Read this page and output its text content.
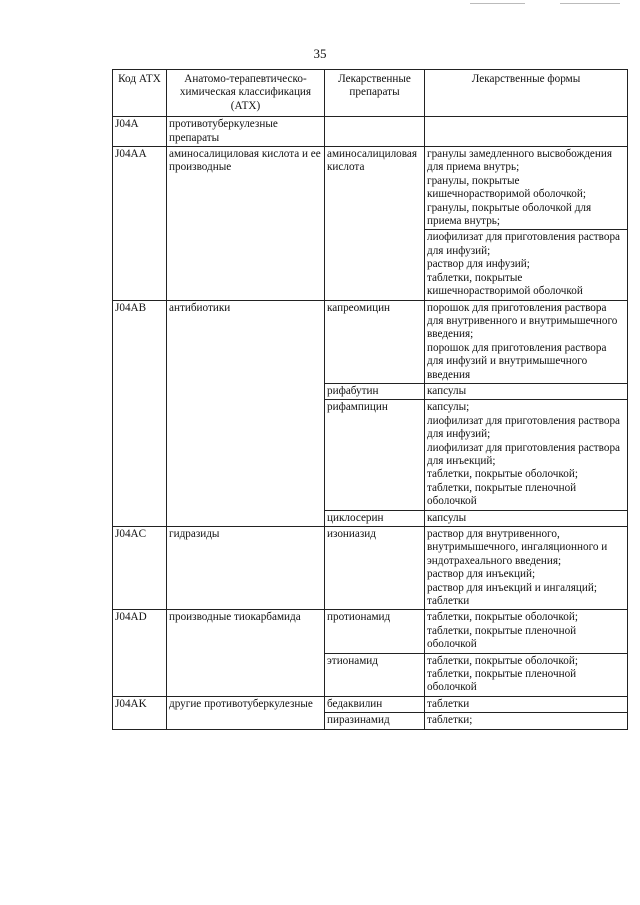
35
Код АТХ	Анатомо-терапевтическо-химическая классификация (АТХ)	Лекарственные препараты	Лекарственные формы
J04A	противотуберкулезные препараты		
J04AA	аминосалициловая кислота и ее производные	аминосалициловая кислота	гранулы замедленного высвобождения для приема внутрь;
гранулы, покрытые кишечнорастворимой оболочкой;
гранулы, покрытые оболочкой для приема внутрь;
			лиофилизат для приготовления раствора для инфузий;
раствор для инфузий;
таблетки, покрытые кишечнорастворимой оболочкой
J04AB	антибиотики	капреомицин	порошок для приготовления раствора для внутривенного и внутримышечного введения;
порошок для приготовления раствора для инфузий и внутримышечного введения
		рифабутин	капсулы
		рифампицин	капсулы;
лиофилизат для приготовления раствора для инфузий;
лиофилизат для приготовления раствора для инъекций;
таблетки, покрытые оболочкой;
таблетки, покрытые пленочной оболочкой
		циклосерин	капсулы
J04AC	гидразиды	изониазид	раствор для внутривенного, внутримышечного, ингаляционного и эндотрахеального введения;
раствор для инъекций;
раствор для инъекций и ингаляций;
таблетки
J04AD	производные тиокарбамида	протионамид	таблетки, покрытые оболочкой;
таблетки, покрытые пленочной оболочкой
		этионамид	таблетки, покрытые оболочкой;
таблетки, покрытые пленочной оболочкой
J04AK	другие противотуберкулезные	бедаквилин	таблетки
		пиразинамид	таблетки;
